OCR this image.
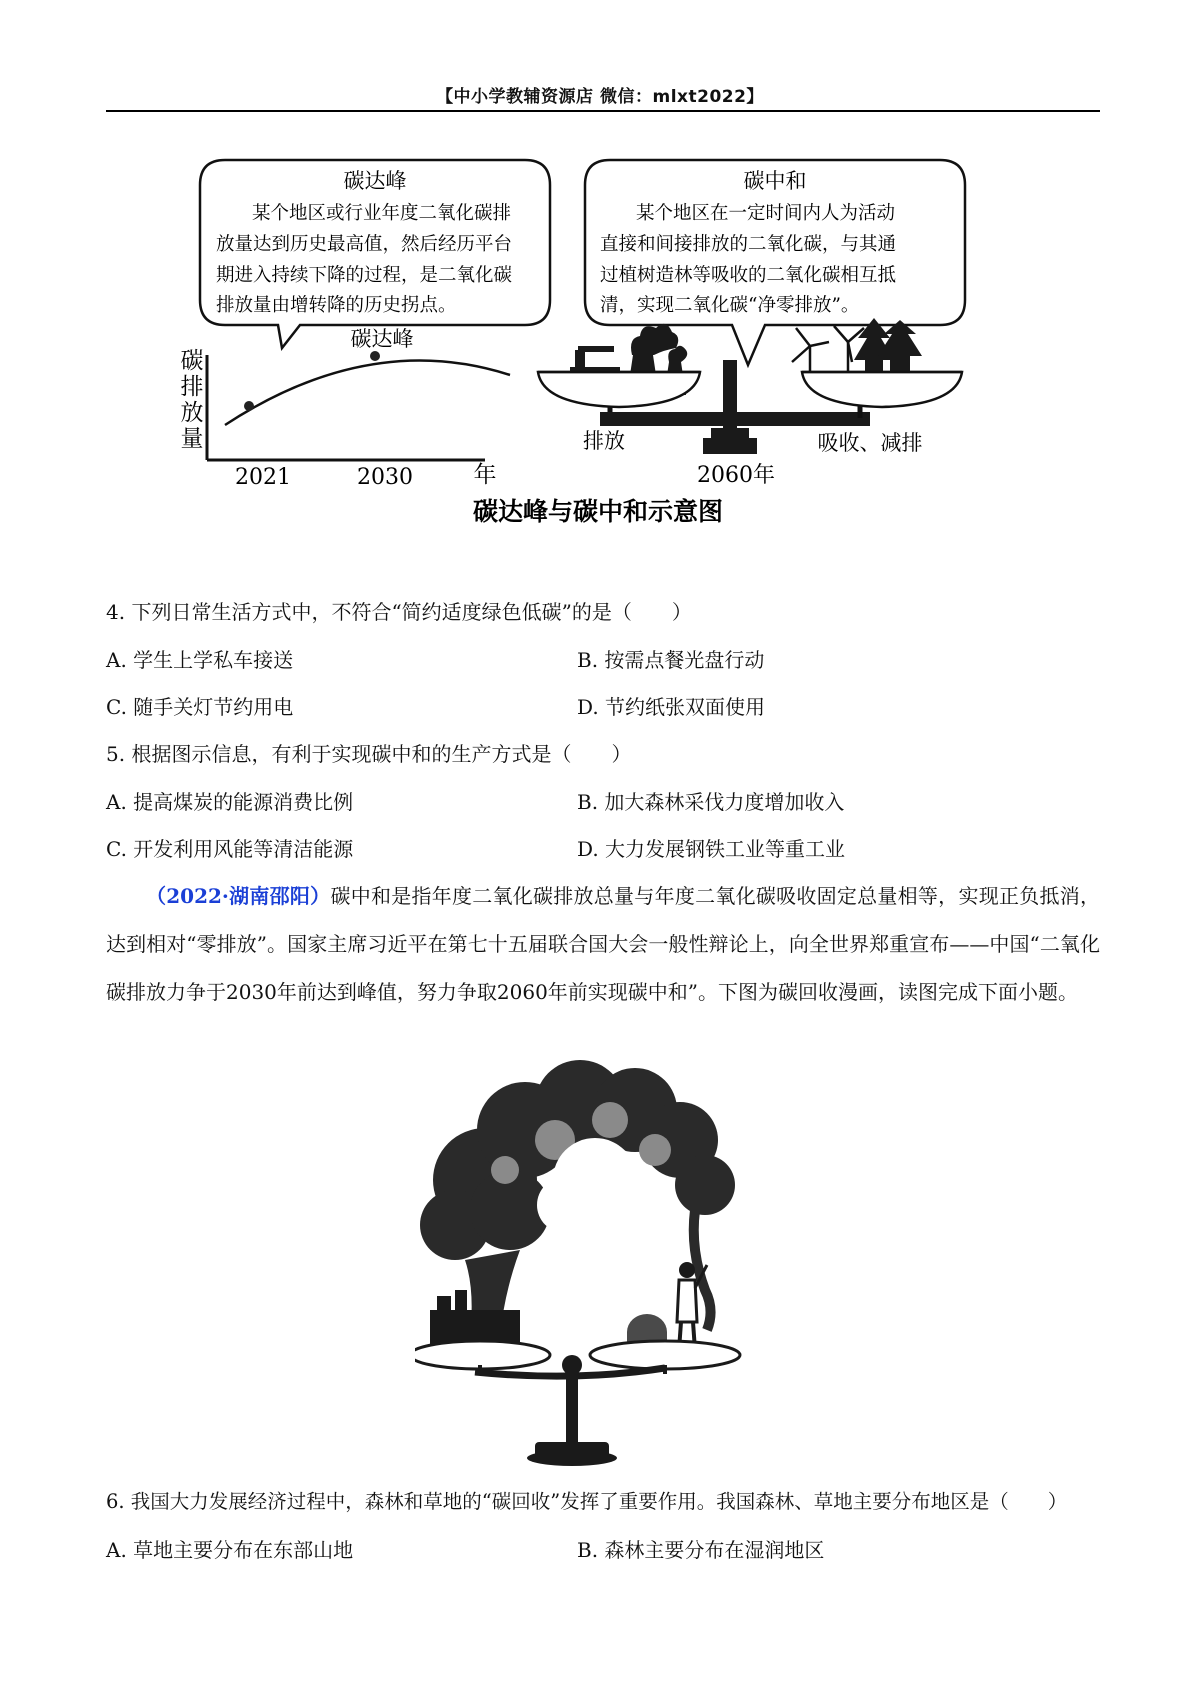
【中小学教辅资源店 微信：mlxt2022】
碳达峰
某个地区或行业年度二氧化碳排
放量达到历史最高值，然后经历平台
期进入持续下降的过程，是二氧化碳
排放量由增转降的历史拐点。
碳中和
某个地区在一定时间内人为活动
直接和间接排放的二氧化碳，与其通
过植树造林等吸收的二氧化碳相互抵
清，实现二氧化碳“净零排放”。
碳
排
放
量
碳达峰
2021	2030	年
排放	吸收、减排
2060年
碳达峰与碳中和示意图
4. 下列日常生活方式中，不符合“简约适度绿色低碳”的是（　　）
A. 学生上学私车接送	B. 按需点餐光盘行动
C. 随手关灯节约用电	D. 节约纸张双面使用
5. 根据图示信息，有利于实现碳中和的生产方式是（　　）
A. 提高煤炭的能源消费比例	B. 加大森林采伐力度增加收入
C. 开发利用风能等清洁能源	D. 大力发展钢铁工业等重工业
（2022·湖南邵阳）碳中和是指年度二氧化碳排放总量与年度二氧化碳吸收固定总量相等，实现正负抵消，达到相对“零排放”。国家主席习近平在第七十五届联合国大会一般性辩论上，向全世界郑重宣布——中国“二氧化碳排放力争于2030年前达到峰值，努力争取2060年前实现碳中和”。下图为碳回收漫画，读图完成下面小题。
6. 我国大力发展经济过程中，森林和草地的“碳回收”发挥了重要作用。我国森林、草地主要分布地区是（　　）
A. 草地主要分布在东部山地	B. 森林主要分布在湿润地区
